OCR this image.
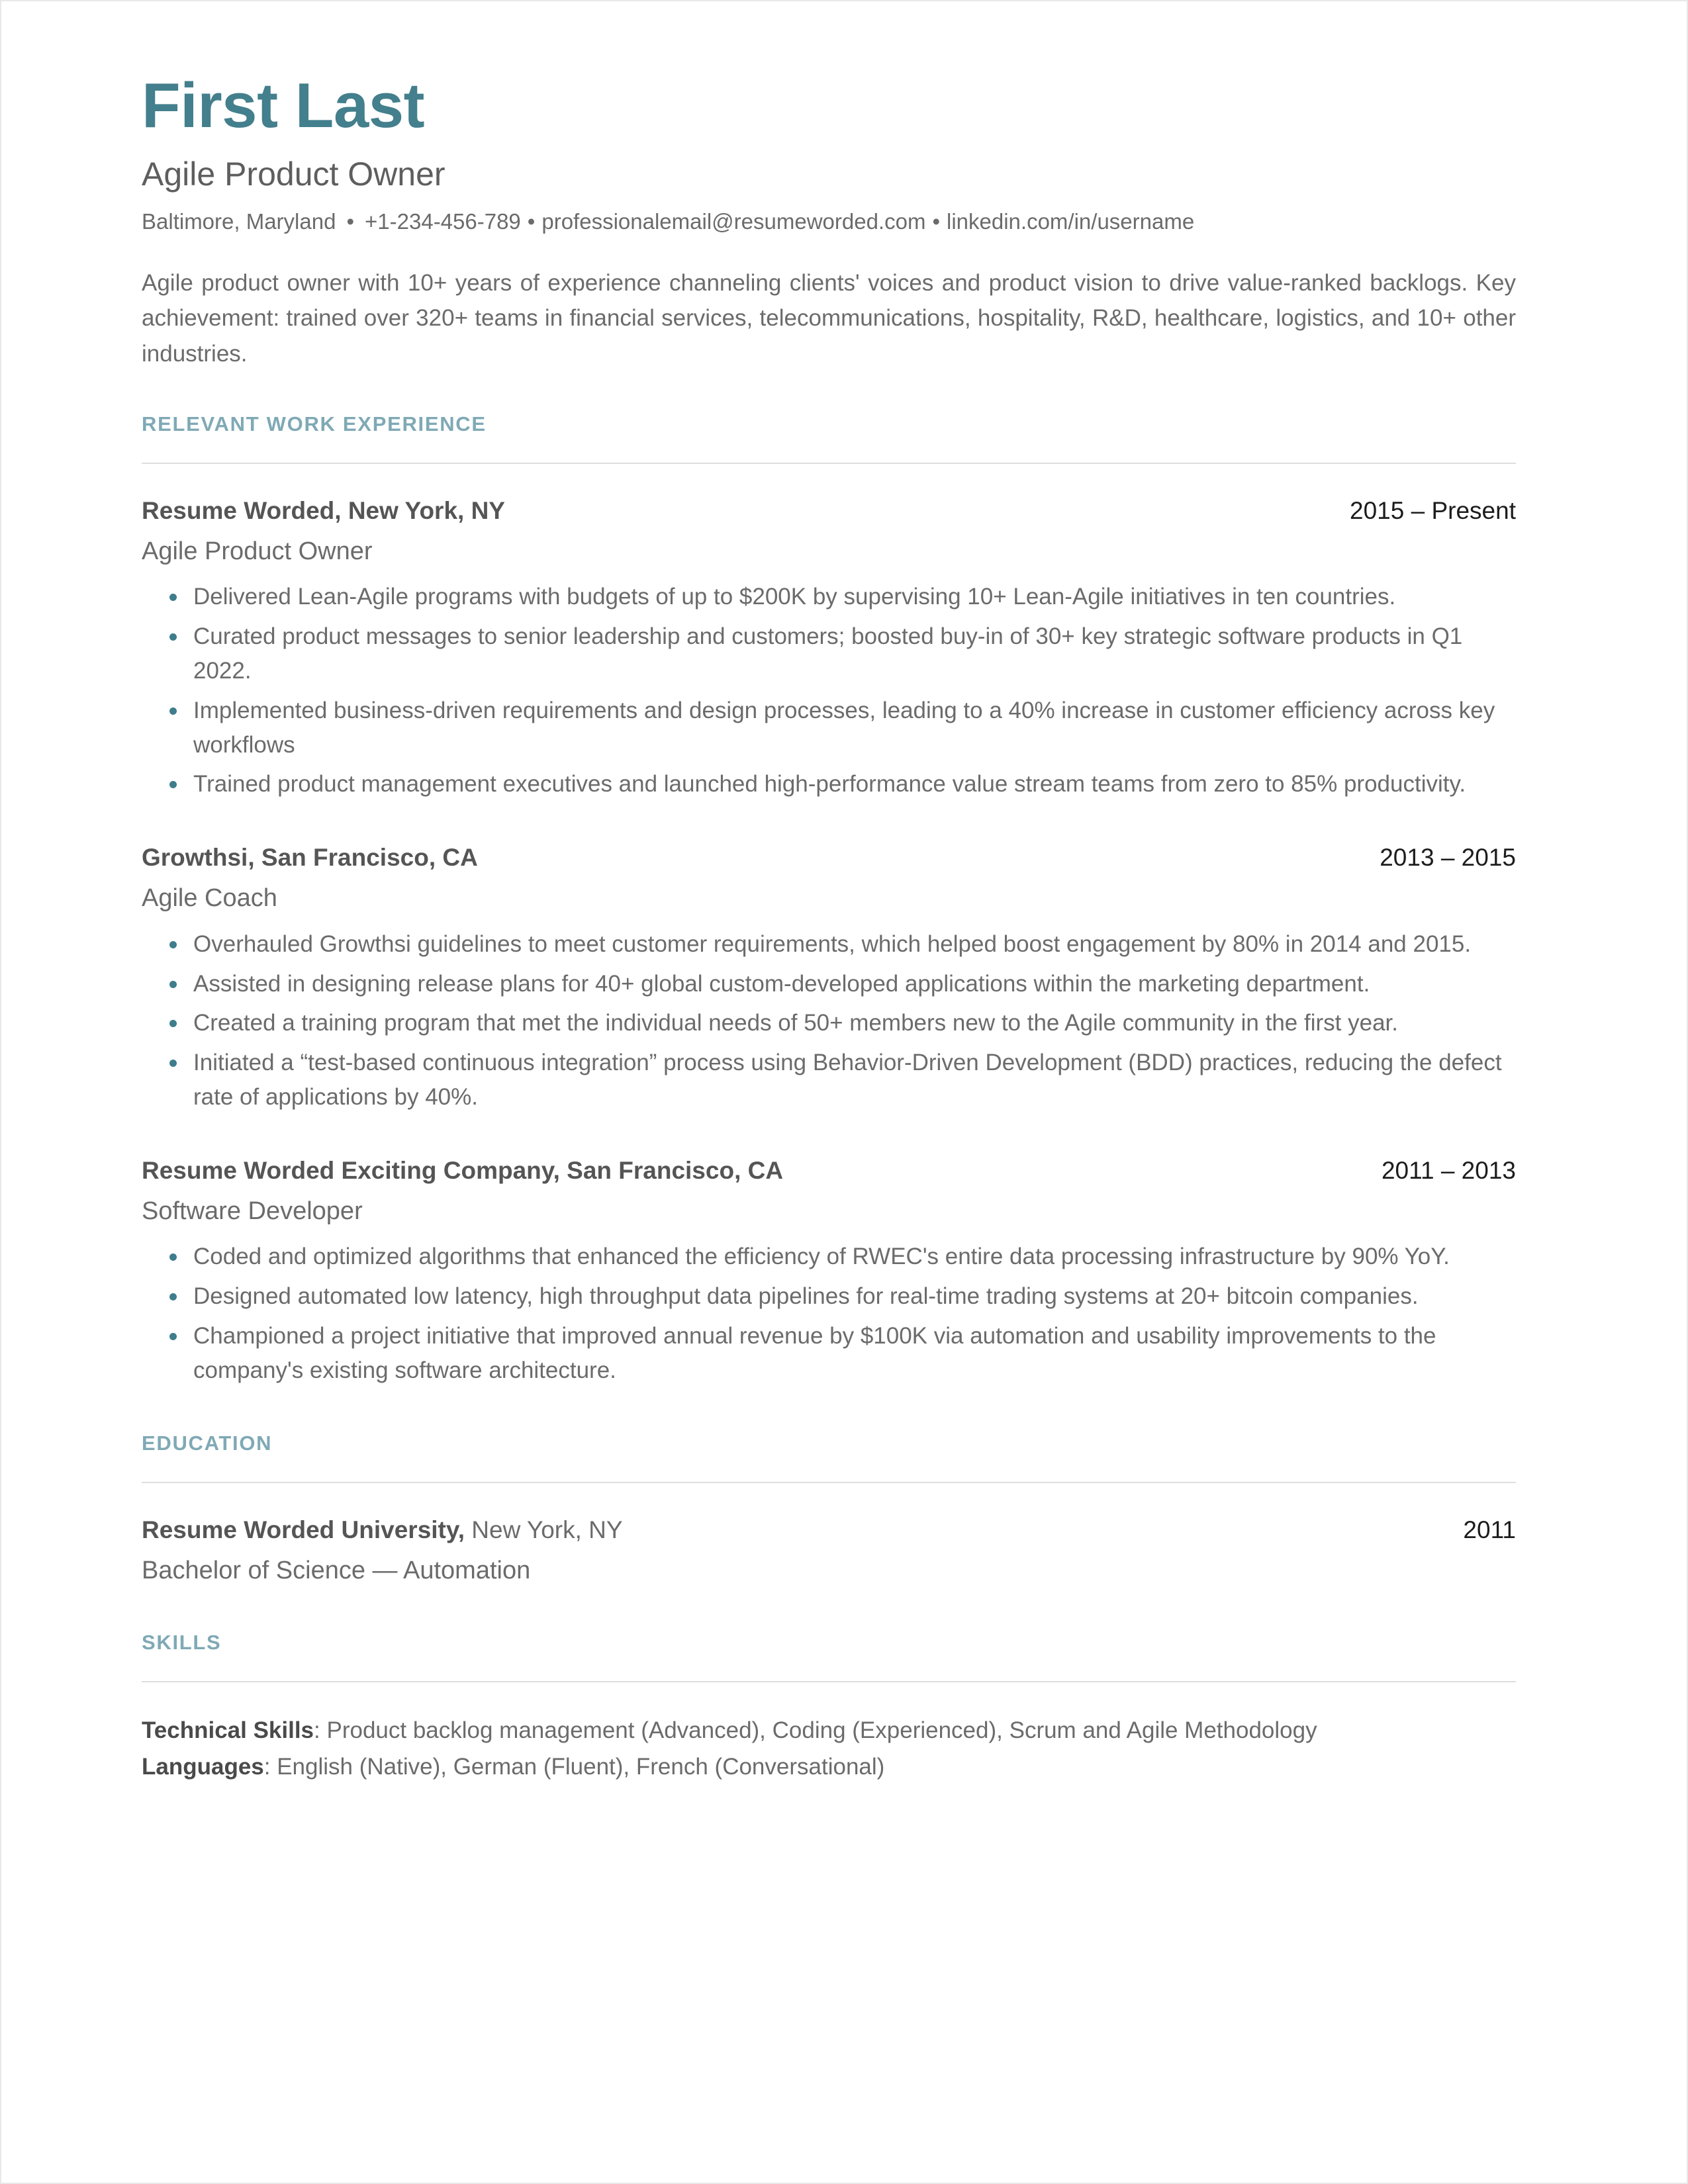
First Last
Agile Product Owner
Baltimore, Maryland • +1-234-456-789 • professionalemail@resumeworded.com • linkedin.com/in/username

Agile product owner with 10+ years of experience channeling clients' voices and product vision to drive value-ranked backlogs. Key achievement: trained over 320+ teams in financial services, telecommunications, hospitality, R&D, healthcare, logistics, and 10+ other industries.

RELEVANT WORK EXPERIENCE
Resume Worded, New York, NY	2015 – Present
Agile Product Owner
Delivered Lean-Agile programs with budgets of up to $200K by supervising 10+ Lean-Agile initiatives in ten countries.
Curated product messages to senior leadership and customers; boosted buy-in of 30+ key strategic software products in Q1 2022.
Implemented business-driven requirements and design processes, leading to a 40% increase in customer efficiency across key workflows
Trained product management executives and launched high-performance value stream teams from zero to 85% productivity.
Growthsi, San Francisco, CA	2013 – 2015
Agile Coach
Overhauled Growthsi guidelines to meet customer requirements, which helped boost engagement by 80% in 2014 and 2015.
Assisted in designing release plans for 40+ global custom-developed applications within the marketing department.
Created a training program that met the individual needs of 50+ members new to the Agile community in the first year.
Initiated a “test-based continuous integration” process using Behavior-Driven Development (BDD) practices, reducing the defect rate of applications by 40%.
Resume Worded Exciting Company, San Francisco, CA	2011 – 2013
Software Developer
Coded and optimized algorithms that enhanced the efficiency of RWEC's entire data processing infrastructure by 90% YoY.
Designed automated low latency, high throughput data pipelines for real-time trading systems at 20+ bitcoin companies.
Championed a project initiative that improved annual revenue by $100K via automation and usability improvements to the company's existing software architecture.
EDUCATION
Resume Worded University, New York, NY	2011
Bachelor of Science — Automation
SKILLS
Technical Skills: Product backlog management (Advanced), Coding (Experienced), Scrum and Agile Methodology
Languages: English (Native), German (Fluent), French (Conversational)
